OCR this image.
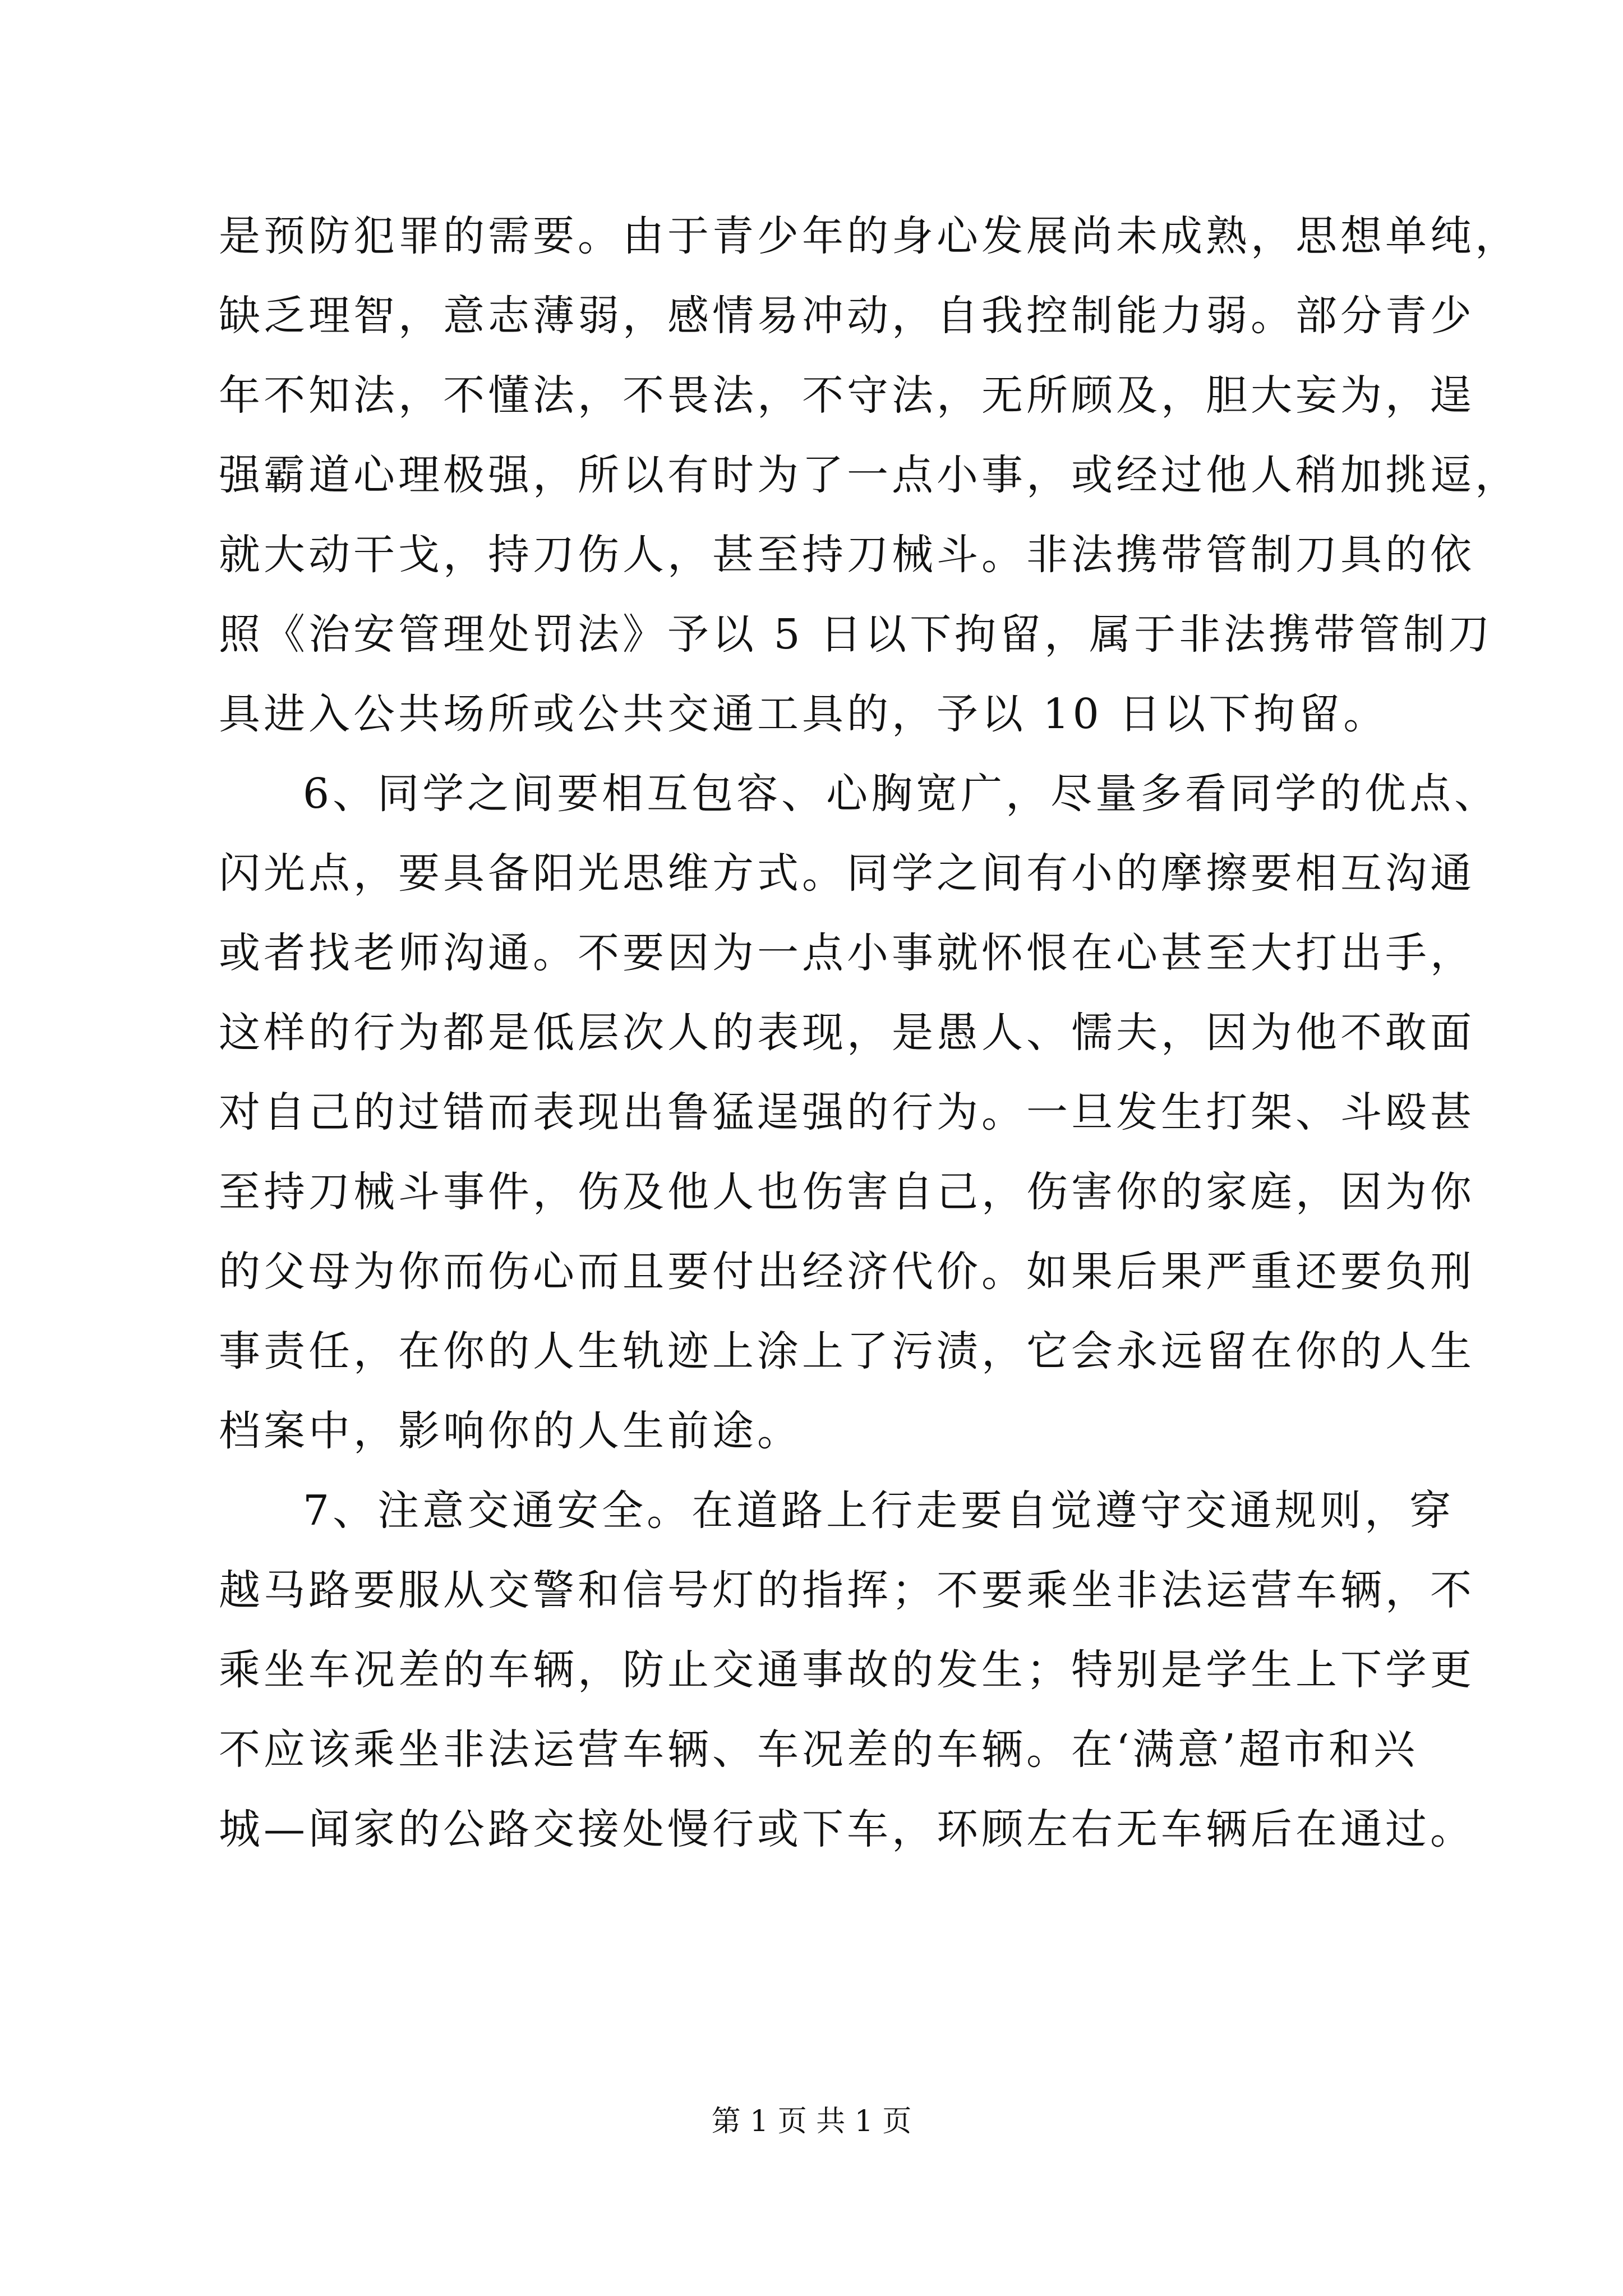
是预防犯罪的需要。由于青少年的身心发展尚未成熟，思想单纯，
缺乏理智，意志薄弱，感情易冲动，自我控制能力弱。部分青少
年不知法，不懂法，不畏法，不守法，无所顾及，胆大妄为，逞
强霸道心理极强，所以有时为了一点小事，或经过他人稍加挑逗，
就大动干戈，持刀伤人，甚至持刀械斗。非法携带管制刀具的依
照《治安管理处罚法》予以 5 日以下拘留，属于非法携带管制刀
具进入公共场所或公共交通工具的，予以 10 日以下拘留。
6、同学之间要相互包容、心胸宽广，尽量多看同学的优点、
闪光点，要具备阳光思维方式。同学之间有小的摩擦要相互沟通
或者找老师沟通。不要因为一点小事就怀恨在心甚至大打出手，
这样的行为都是低层次人的表现，是愚人、懦夫，因为他不敢面
对自己的过错而表现出鲁猛逞强的行为。一旦发生打架、斗殴甚
至持刀械斗事件，伤及他人也伤害自己，伤害你的家庭，因为你
的父母为你而伤心而且要付出经济代价。如果后果严重还要负刑
事责任，在你的人生轨迹上涂上了污渍，它会永远留在你的人生
档案中，影响你的人生前途。
7、注意交通安全。在道路上行走要自觉遵守交通规则，穿
越马路要服从交警和信号灯的指挥；不要乘坐非法运营车辆，不
乘坐车况差的车辆，防止交通事故的发生；特别是学生上下学更
不应该乘坐非法运营车辆、车况差的车辆。在‘满意’超市和兴
城—闻家的公路交接处慢行或下车，环顾左右无车辆后在通过。
第 1 页 共 1 页
